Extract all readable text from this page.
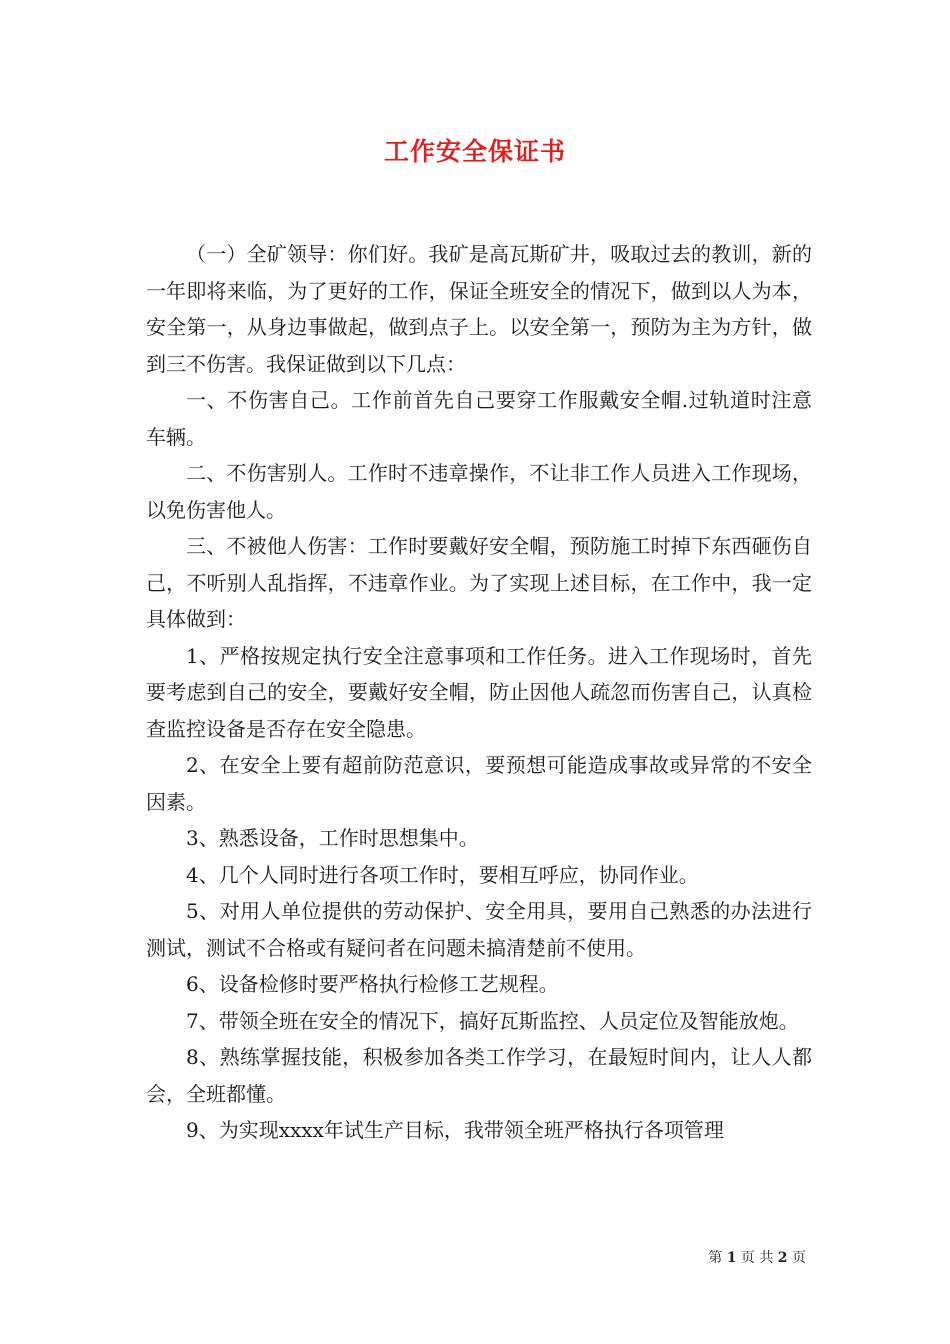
工作安全保证书

（一）全矿领导：你们好。我矿是高瓦斯矿井，吸取过去的教训，新的一年即将来临，为了更好的工作，保证全班安全的情况下，做到以人为本，安全第一，从身边事做起，做到点子上。以安全第一，预防为主为方针，做到三不伤害。我保证做到以下几点：

一、不伤害自己。工作前首先自己要穿工作服戴安全帽.过轨道时注意车辆。

二、不伤害别人。工作时不违章操作，不让非工作人员进入工作现场，以免伤害他人。

三、不被他人伤害：工作时要戴好安全帽，预防施工时掉下东西砸伤自己，不听别人乱指挥，不违章作业。为了实现上述目标，在工作中，我一定具体做到：

1、严格按规定执行安全注意事项和工作任务。进入工作现场时，首先要考虑到自己的安全，要戴好安全帽，防止因他人疏忽而伤害自己，认真检查监控设备是否存在安全隐患。

2、在安全上要有超前防范意识，要预想可能造成事故或异常的不安全因素。

3、熟悉设备，工作时思想集中。

4、几个人同时进行各项工作时，要相互呼应，协同作业。

5、对用人单位提供的劳动保护、安全用具，要用自己熟悉的办法进行测试，测试不合格或有疑问者在问题未搞清楚前不使用。

6、设备检修时要严格执行检修工艺规程。

7、带领全班在安全的情况下，搞好瓦斯监控、人员定位及智能放炮。

8、熟练掌握技能，积极参加各类工作学习，在最短时间内，让人人都会，全班都懂。

9、为实现xxxx年试生产目标，我带领全班严格执行各项管理

第 1 页 共 2 页
